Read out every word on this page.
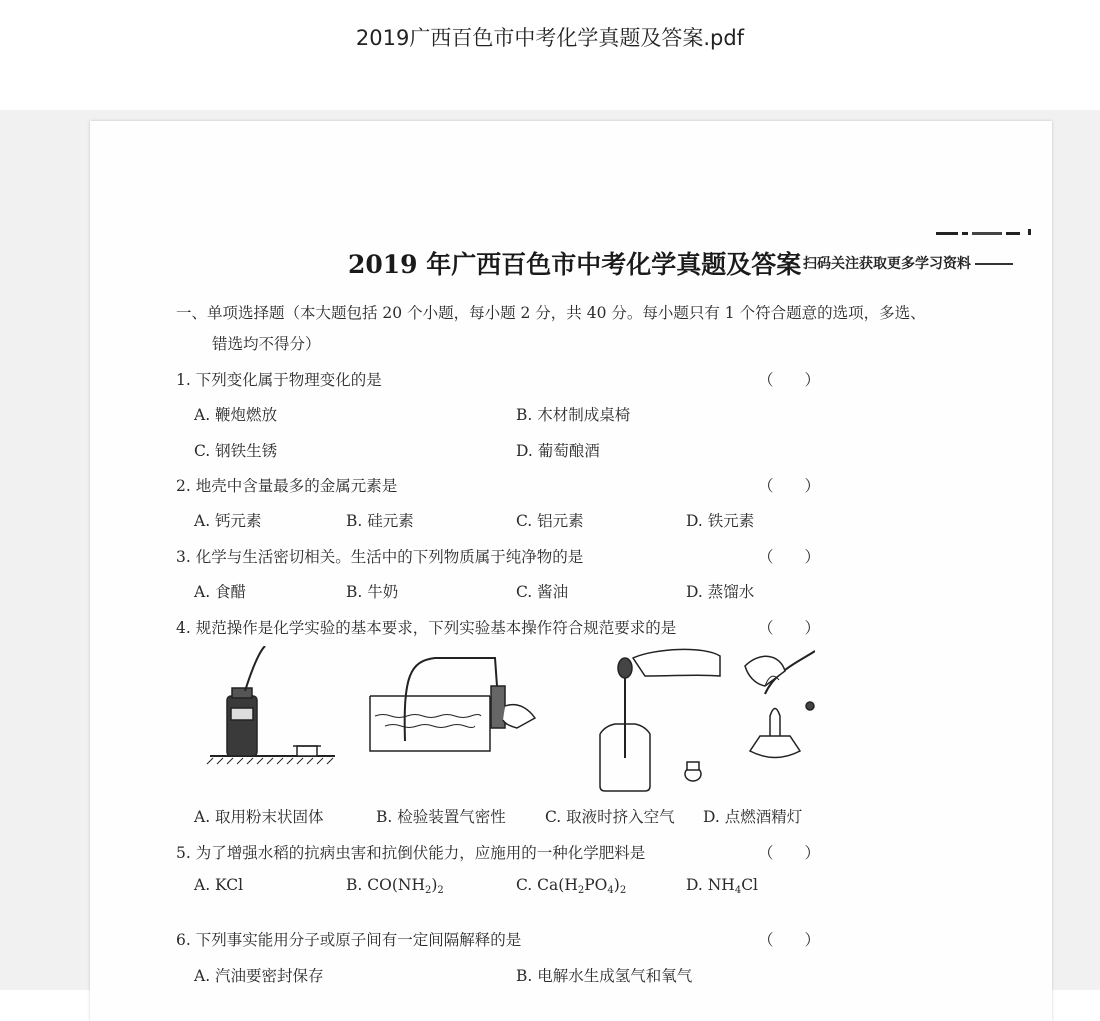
2019广西百色市中考化学真题及答案.pdf
2019 年广西百色市中考化学真题及答案 扫码关注获取更多学习资料
一、单项选择题（本大题包括 20 个小题，每小题 2 分，共 40 分。每小题只有 1 个符合题意的选项，多选、
错选均不得分）
1. 下列变化属于物理变化的是	（　　）
A. 鞭炮燃放	B. 木材制成桌椅
C. 钢铁生锈	D. 葡萄酿酒
2. 地壳中含量最多的金属元素是	（　　）
A. 钙元素	B. 硅元素	C. 铝元素	D. 铁元素
3. 化学与生活密切相关。生活中的下列物质属于纯净物的是	（　　）
A. 食醋	B. 牛奶	C. 酱油	D. 蒸馏水
4. 规范操作是化学实验的基本要求，下列实验基本操作符合规范要求的是	（　　）
A. 取用粉末状固体	B. 检验装置气密性	C. 取液时挤入空气 D. 点燃酒精灯
5. 为了增强水稻的抗病虫害和抗倒伏能力，应施用的一种化学肥料是	（　　）
A. KCl	B. $CO(NH_2)_2$	C. $Ca(H_2PO_4)_2$	D. $NH_4Cl$
6. 下列事实能用分子或原子间有一定间隔解释的是	（　　）
A. 汽油要密封保存	B. 电解水生成氢气和氧气
